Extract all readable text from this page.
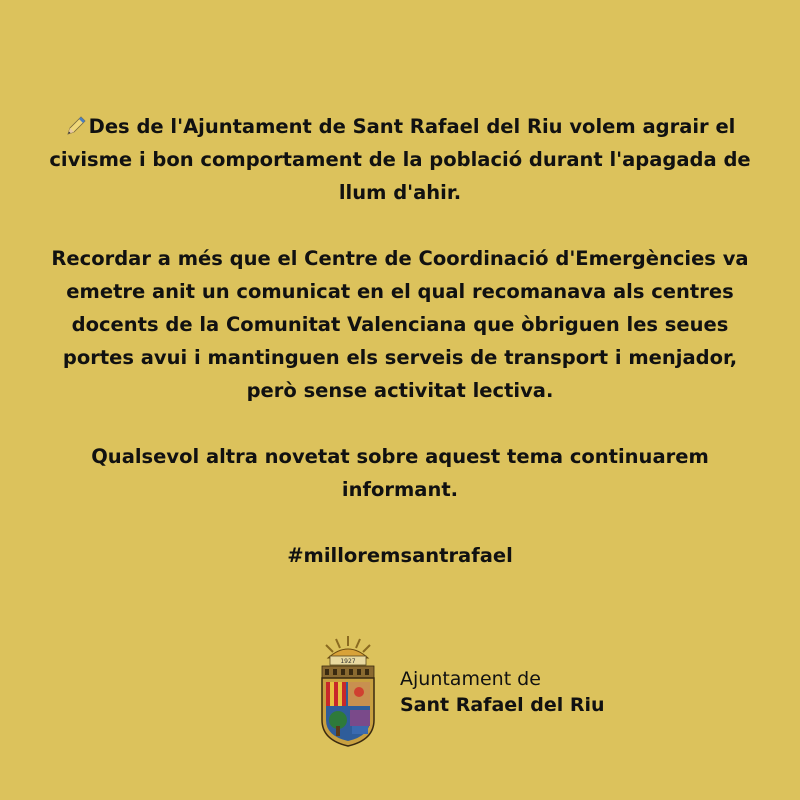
Des de l'Ajuntament de Sant Rafael del Riu volem agrair el civisme i bon comportament de la població durant l'apagada de llum d'ahir.

Recordar a més que el Centre de Coordinació d'Emergències va emetre anit un comunicat en el qual recomanava als centres docents de la Comunitat Valenciana que òbriguen les seues portes avui i mantinguen els serveis de transport i menjador, però sense activitat lectiva.

Qualsevol altra novetat sobre aquest tema continuarem informant.

#milloremsantrafael

1927
Ajuntament de
Sant Rafael del Riu
